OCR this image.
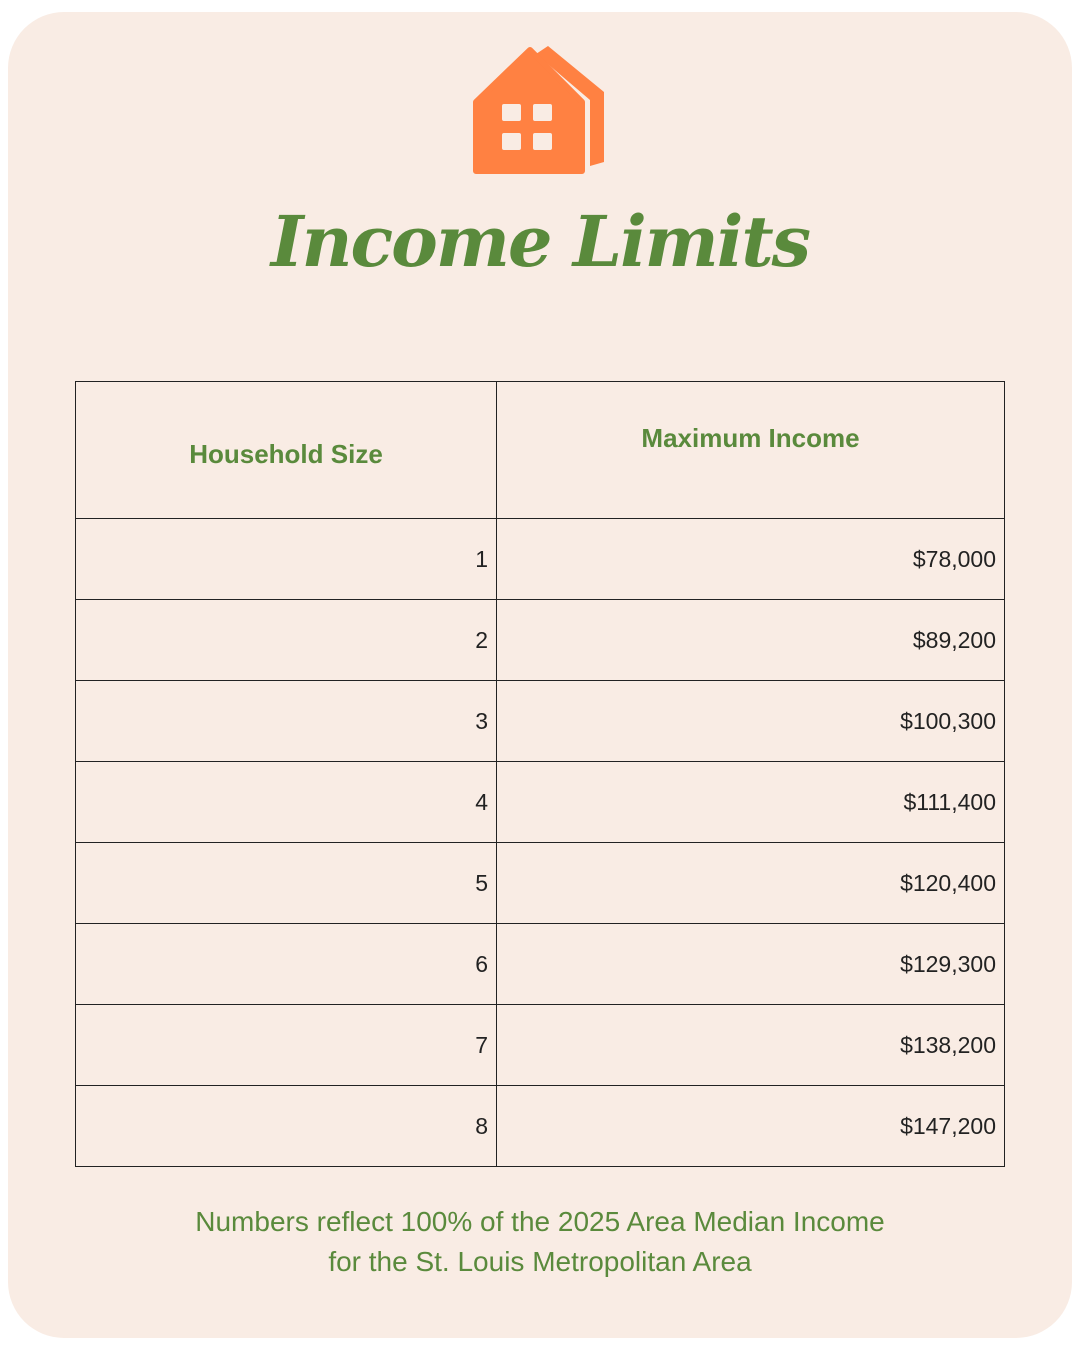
Income Limits
Household Size	Maximum Income
1	$78,000
2	$89,200
3	$100,300
4	$111,400
5	$120,400
6	$129,300
7	$138,200
8	$147,200
Numbers reflect 100% of the 2025 Area Median Income
for the St. Louis Metropolitan Area
